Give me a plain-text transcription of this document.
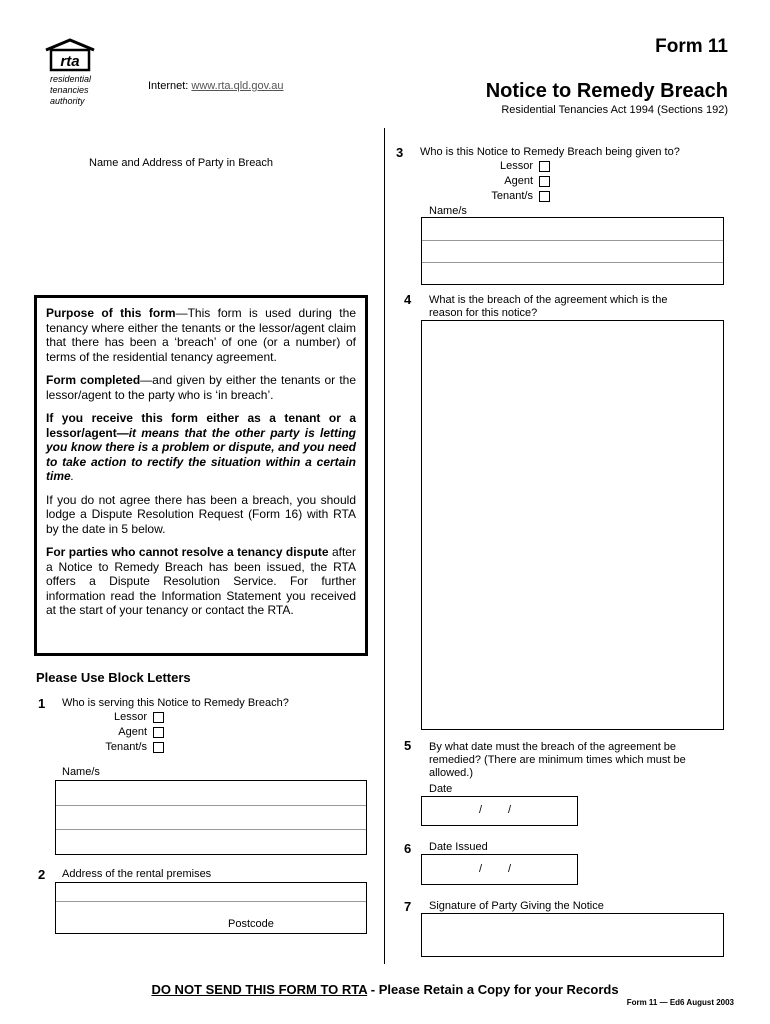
rta
residential
tenancies
authority
Internet: www.rta.qld.gov.au
Form 11
Notice to Remedy Breach
Residential Tenancies Act 1994 (Sections 192)
Name and Address of Party in Breach

Purpose of this form—This form is used during the tenancy where either the tenants or the lessor/agent claim that there has been a ‘breach’ of one (or a number) of terms of the residential tenancy agreement.

Form completed—and given by either the tenants or the lessor/agent to the party who is ‘in breach’.

If you receive this form either as a tenant or a lessor/agent—it means that the other party is letting you know there is a problem or dispute, and you need to take action to rectify the situation within a certain time.

If you do not agree there has been a breach, you should lodge a Dispute Resolution Request (Form 16) with RTA by the date in 5 below.

For parties who cannot resolve a tenancy dispute after a Notice to Remedy Breach has been issued, the RTA offers a Dispute Resolution Service. For further information read the Information Statement you received at the start of your tenancy or contact the RTA.

Please Use Block Letters
1 Who is serving this Notice to Remedy Breach?
Lessor
Agent
Tenant/s
Name/s
2 Address of the rental premises
Postcode
3 Who is this Notice to Remedy Breach being given to?
Lessor
Agent
Tenant/s
Name/s
4 What is the breach of the agreement which is the
reason for this notice?
5 By what date must the breach of the agreement be
remedied? (There are minimum times which must be
allowed.)
Date
/ /
6 Date Issued
/ /
7 Signature of Party Giving the Notice
DO NOT SEND THIS FORM TO RTA - Please Retain a Copy for your Records
Form 11 — Ed6 August 2003
